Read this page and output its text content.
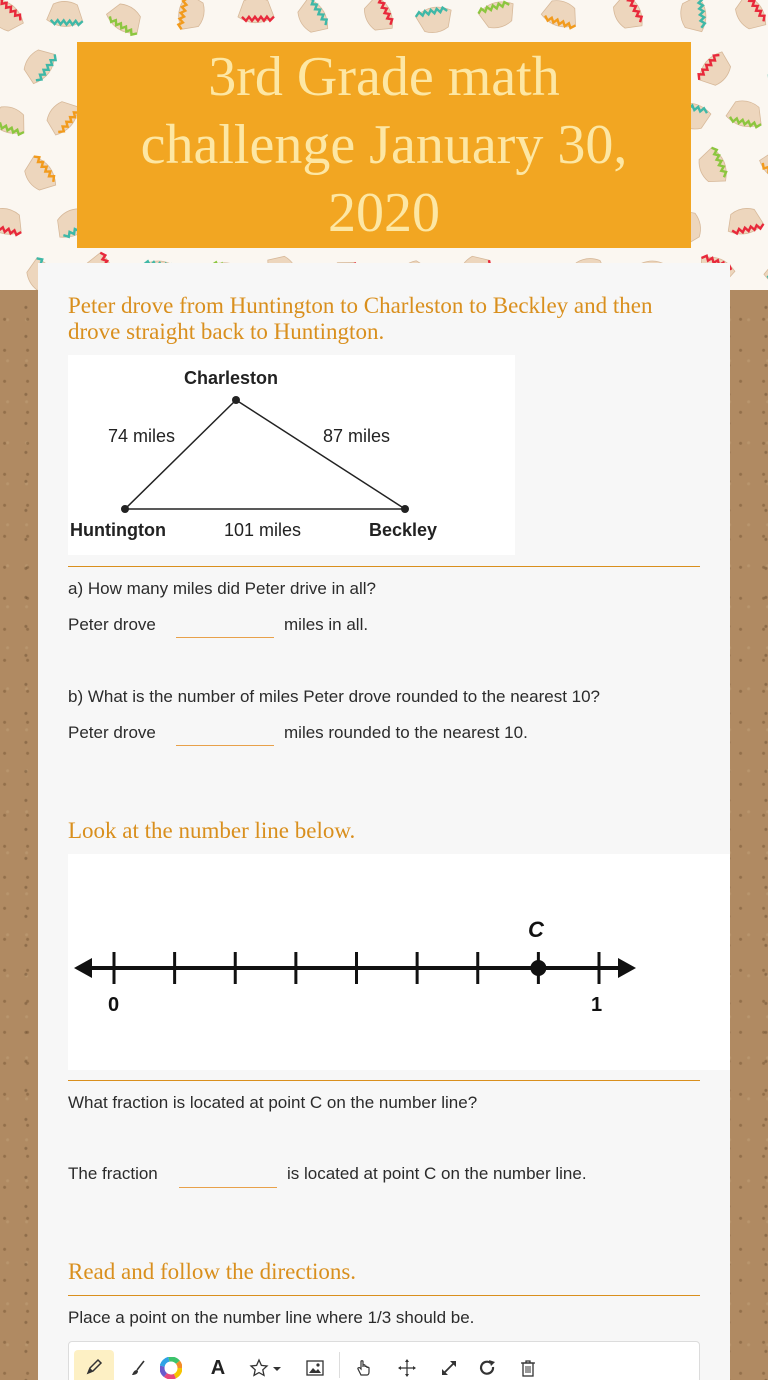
3rd Grade math challenge January 30, 2020
Peter drove from Huntington to Charleston to Beckley and then drove straight back to Huntington.
Charleston
74 miles	87 miles
Huntington	101 miles	Beckley
a) How many miles did Peter drive in all?
Peter drove	miles in all.
b) What is the number of miles Peter drove rounded to the nearest 10?
Peter drove	miles rounded to the nearest 10.
Look at the number line below.
0	1
C
What fraction is located at point C on the number line?
The fraction	is located at point C on the number line.
Read and follow the directions.
Place a point on the number line where 1/3 should be.
A
